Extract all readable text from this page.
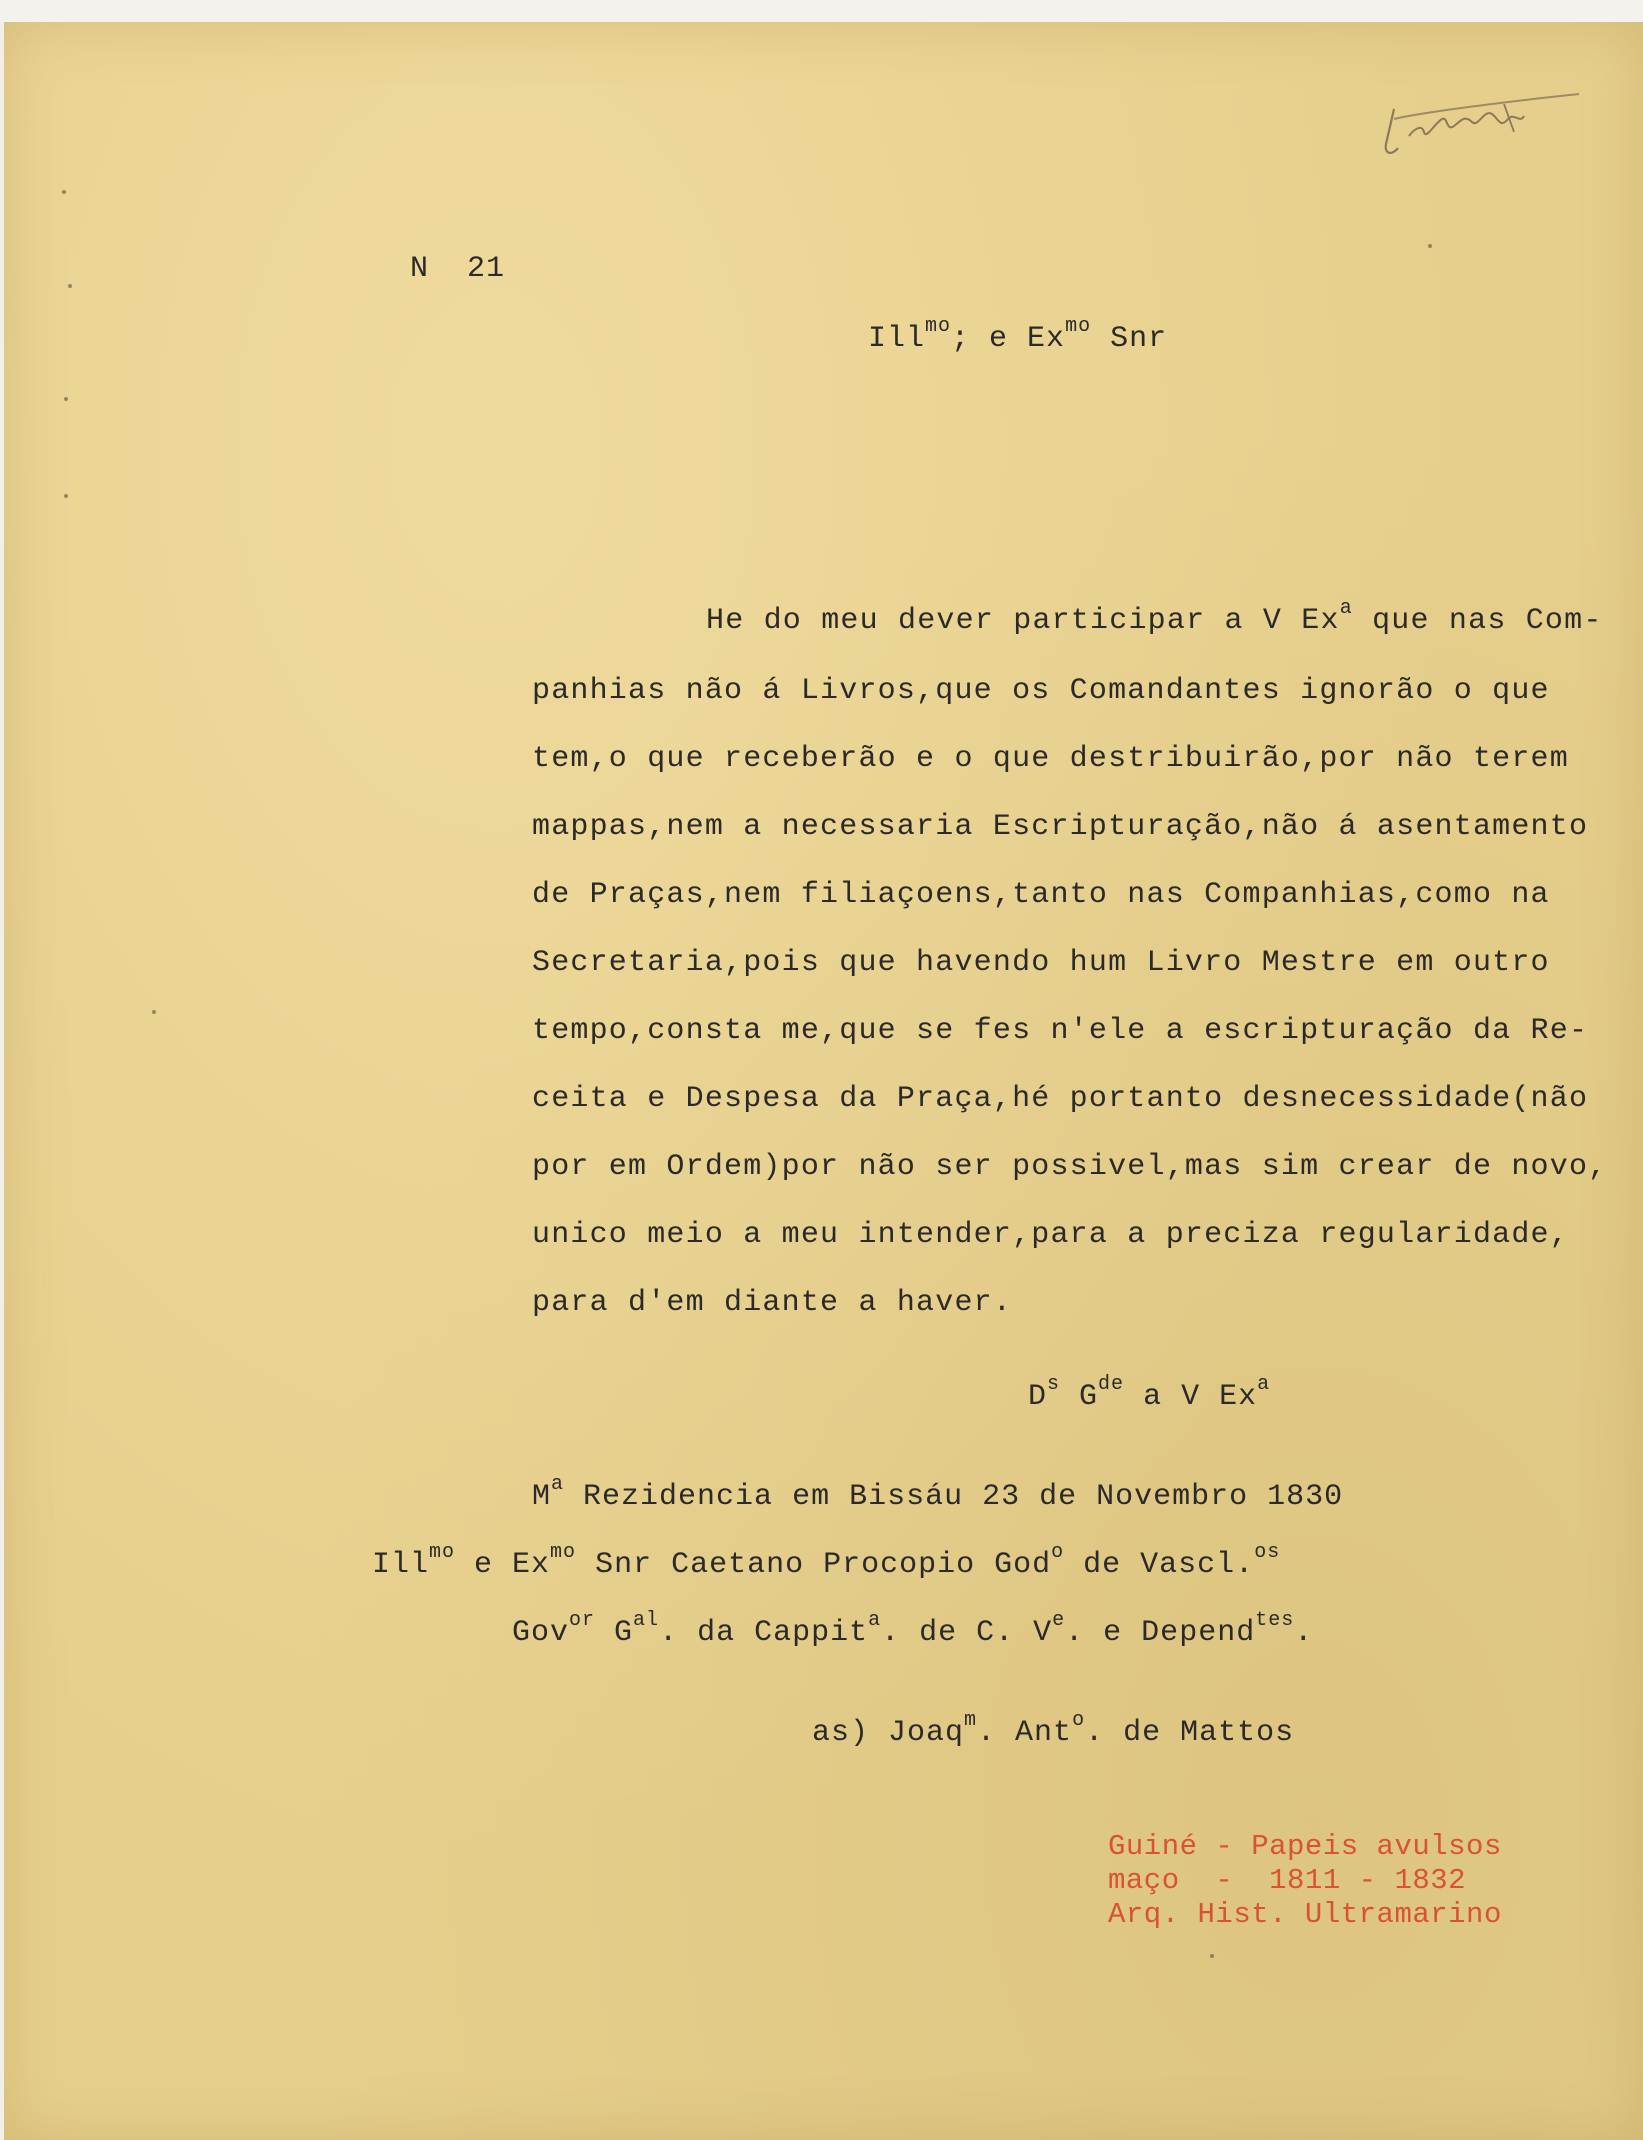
N  21
Ill$^{mo}$; e $Ex^{mo}$ Snr
He do meu dever participar a V Ex$^a$ que nas Com-
panhias não á Livros,que os Comandantes ignorão o que
tem,o que receberão e o que destribuirão,por não terem
mappas,nem a necessaria Escripturação,não á asentamento
de Praças,nem filiaçoens,tanto nas Companhias,como na
Secretaria,pois que havendo hum Livro Mestre em outro
tempo,consta me,que se fes n'ele a escripturação da Re-
ceita e Despesa da Praça,hé portanto desnecessidade(não
por em Ordem)por não ser possivel,mas sim crear de novo,
unico meio a meu intender,para a preciza regularidade,
para d'em diante a haver.
$D^s$ $G^{de}$ a V Ex$^a$
$M^a$ Rezidencia em Bissáu 23 de Novembro 1830
Ill$^{mo}$ e $Ex^{mo}$ Snr Caetano Procopio God$^o$ de Vascl.$^{os}$
Gov$^{or}$ $G^{al}$. da Cappit$^a$. de C. Ve. e Depend$^{tes}$.
as) Joaq$^m$. Ant$^o$. de Mattos
Guiné - Papeis avulsos
maço  -  1811 - 1832
Arq. Hist. Ultramarino
